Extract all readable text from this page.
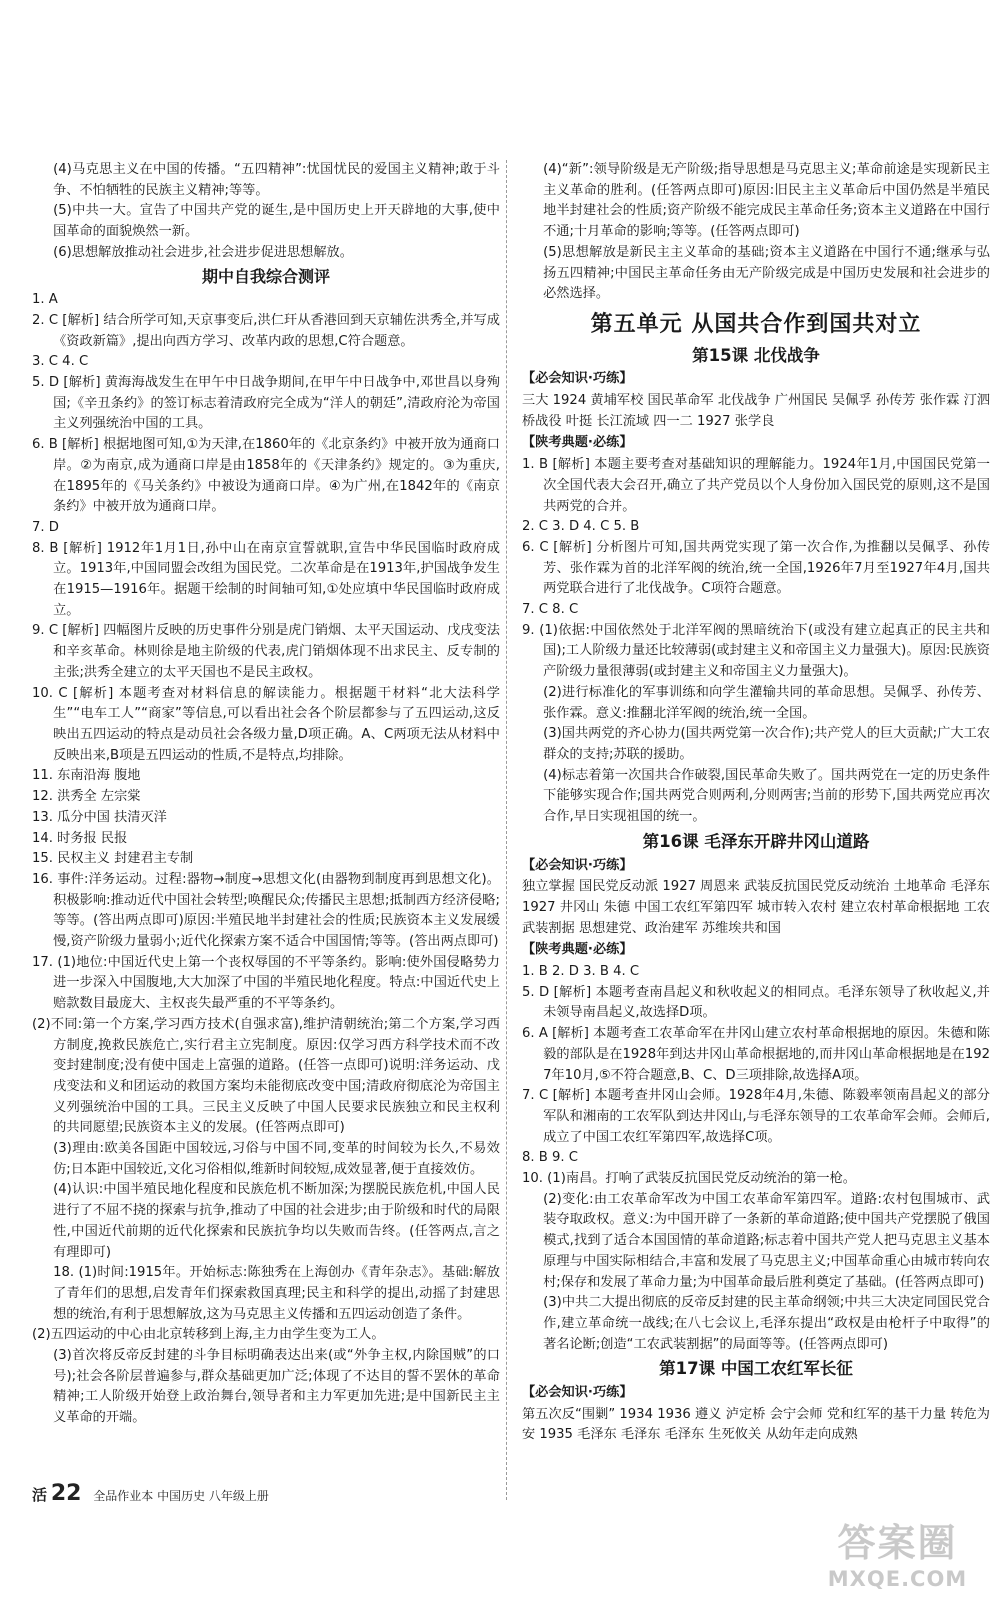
(4)马克思主义在中国的传播。“五四精神”:忧国忧民的爱国主义精神;敢于斗争、不怕牺牲的民族主义精神;等等。

(5)中共一大。宣告了中国共产党的诞生,是中国历史上开天辟地的大事,使中国革命的面貌焕然一新。

(6)思想解放推动社会进步,社会进步促进思想解放。

期中自我综合测评

1. A

2. C [解析] 结合所学可知,天京事变后,洪仁玕从香港回到天京辅佐洪秀全,并写成《资政新篇》,提出向西方学习、改革内政的思想,C符合题意。

3. C 4. C

5. D [解析] 黄海海战发生在甲午中日战争期间,在甲午中日战争中,邓世昌以身殉国;《辛丑条约》的签订标志着清政府完全成为“洋人的朝廷”,清政府沦为帝国主义列强统治中国的工具。

6. B [解析] 根据地图可知,①为天津,在1860年的《北京条约》中被开放为通商口岸。②为南京,成为通商口岸是由1858年的《天津条约》规定的。③为重庆,在1895年的《马关条约》中被设为通商口岸。④为广州,在1842年的《南京条约》中被开放为通商口岸。

7. D

8. B [解析] 1912年1月1日,孙中山在南京宣誓就职,宣告中华民国临时政府成立。1913年,中国同盟会改组为国民党。二次革命是在1913年,护国战争发生在1915—1916年。据题干绘制的时间轴可知,①处应填中华民国临时政府成立。

9. C [解析] 四幅图片反映的历史事件分别是虎门销烟、太平天国运动、戊戌变法和辛亥革命。林则徐是地主阶级的代表,虎门销烟体现不出求民主、反专制的主张;洪秀全建立的太平天国也不是民主政权。

10. C [解析] 本题考查对材料信息的解读能力。根据题干材料“北大法科学生”“电车工人”“商家”等信息,可以看出社会各个阶层都参与了五四运动,这反映出五四运动的特点是动员社会各级力量,D项正确。A、C两项无法从材料中反映出来,B项是五四运动的性质,不是特点,均排除。

11. 东南沿海 腹地

12. 洪秀全 左宗棠

13. 瓜分中国 扶清灭洋

14. 时务报 民报

15. 民权主义 封建君主专制

16. 事件:洋务运动。过程:器物→制度→思想文化(由器物到制度再到思想文化)。积极影响:推动近代中国社会转型;唤醒民众;传播民主思想;抵制西方经济侵略;等等。(答出两点即可)原因:半殖民地半封建社会的性质;民族资本主义发展缓慢,资产阶级力量弱小;近代化探索方案不适合中国国情;等等。(答出两点即可)

17. (1)地位:中国近代史上第一个丧权辱国的不平等条约。影响:使外国侵略势力进一步深入中国腹地,大大加深了中国的半殖民地化程度。特点:中国近代史上赔款数目最庞大、主权丧失最严重的不平等条约。

(2)不同:第一个方案,学习西方技术(自强求富),维护清朝统治;第二个方案,学习西方制度,挽救民族危亡,实行君主立宪制度。原因:仅学习西方科学技术而不改变封建制度;没有使中国走上富强的道路。(任答一点即可)说明:洋务运动、戊戌变法和义和团运动的救国方案均未能彻底改变中国;清政府彻底沦为帝国主义列强统治中国的工具。三民主义反映了中国人民要求民族独立和民主权利的共同愿望;民族资本主义的发展。(任答两点即可)

(3)理由:欧美各国距中国较远,习俗与中国不同,变革的时间较为长久,不易效仿;日本距中国较近,文化习俗相似,维新时间较短,成效显著,便于直接效仿。

(4)认识:中国半殖民地化程度和民族危机不断加深;为摆脱民族危机,中国人民进行了不屈不挠的探索与抗争,推动了中国的社会进步;由于阶级和时代的局限性,中国近代前期的近代化探索和民族抗争均以失败而告终。(任答两点,言之有理即可)

18. (1)时间:1915年。开始标志:陈独秀在上海创办《青年杂志》。基础:解放了青年们的思想,启发青年们探索救国真理;民主和科学的提出,动摇了封建思想的统治,有利于思想解放,这为马克思主义传播和五四运动创造了条件。

(2)五四运动的中心由北京转移到上海,主力由学生变为工人。

(3)首次将反帝反封建的斗争目标明确表达出来(或“外争主权,内除国贼”的口号);社会各阶层普遍参与,群众基础更加广泛;体现了不达目的誓不罢休的革命精神;工人阶级开始登上政治舞台,领导者和主力军更加先进;是中国新民主主义革命的开端。

(4)“新”:领导阶级是无产阶级;指导思想是马克思主义;革命前途是实现新民主主义革命的胜利。(任答两点即可)原因:旧民主主义革命后中国仍然是半殖民地半封建社会的性质;资产阶级不能完成民主革命任务;资本主义道路在中国行不通;十月革命的影响;等等。(任答两点即可)

(5)思想解放是新民主主义革命的基础;资本主义道路在中国行不通;继承与弘扬五四精神;中国民主革命任务由无产阶级完成是中国历史发展和社会进步的必然选择。

第五单元 从国共合作到国共对立
第15课 北伐战争
【必会知识·巧练】

三大 1924 黄埔军校 国民革命军 北伐战争 广州国民 吴佩孚 孙传芳 张作霖 汀泗桥战役 叶挺 长江流域 四一二 1927 张学良

【陕考典题·必练】

1. B [解析] 本题主要考查对基础知识的理解能力。1924年1月,中国国民党第一次全国代表大会召开,确立了共产党员以个人身份加入国民党的原则,这不是国共两党的合并。

2. C 3. D 4. C 5. B

6. C [解析] 分析图片可知,国共两党实现了第一次合作,为推翻以吴佩孚、孙传芳、张作霖为首的北洋军阀的统治,统一全国,1926年7月至1927年4月,国共两党联合进行了北伐战争。C项符合题意。

7. C 8. C

9. (1)依据:中国依然处于北洋军阀的黑暗统治下(或没有建立起真正的民主共和国);工人阶级力量还比较薄弱(或封建主义和帝国主义力量强大)。原因:民族资产阶级力量很薄弱(或封建主义和帝国主义力量强大)。

(2)进行标准化的军事训练和向学生灌输共同的革命思想。吴佩孚、孙传芳、张作霖。意义:推翻北洋军阀的统治,统一全国。

(3)国共两党的齐心协力(国共两党第一次合作);共产党人的巨大贡献;广大工农群众的支持;苏联的援助。

(4)标志着第一次国共合作破裂,国民革命失败了。国共两党在一定的历史条件下能够实现合作;国共两党合则两利,分则两害;当前的形势下,国共两党应再次合作,早日实现祖国的统一。

第16课 毛泽东开辟井冈山道路
【必会知识·巧练】

独立掌握 国民党反动派 1927 周恩来 武装反抗国民党反动统治 土地革命 毛泽东 1927 井冈山 朱德 中国工农红军第四军 城市转入农村 建立农村革命根据地 工农武装割据 思想建党、政治建军 苏维埃共和国

【陕考典题·必练】

1. B 2. D 3. B 4. C

5. D [解析] 本题考查南昌起义和秋收起义的相同点。毛泽东领导了秋收起义,并未领导南昌起义,故选择D项。

6. A [解析] 本题考查工农革命军在井冈山建立农村革命根据地的原因。朱德和陈毅的部队是在1928年到达井冈山革命根据地的,而井冈山革命根据地是在1927年10月,⑤不符合题意,B、C、D三项排除,故选择A项。

7. C [解析] 本题考查井冈山会师。1928年4月,朱德、陈毅率领南昌起义的部分军队和湘南的工农军队到达井冈山,与毛泽东领导的工农革命军会师。会师后,成立了中国工农红军第四军,故选择C项。

8. B 9. C

10. (1)南昌。打响了武装反抗国民党反动统治的第一枪。

(2)变化:由工农革命军改为中国工农革命军第四军。道路:农村包围城市、武装夺取政权。意义:为中国开辟了一条新的革命道路;使中国共产党摆脱了俄国模式,找到了适合本国国情的革命道路;标志着中国共产党人把马克思主义基本原理与中国实际相结合,丰富和发展了马克思主义;中国革命重心由城市转向农村;保存和发展了革命力量;为中国革命最后胜利奠定了基础。(任答两点即可)

(3)中共二大提出彻底的反帝反封建的民主革命纲领;中共三大决定同国民党合作,建立革命统一战线;在八七会议上,毛泽东提出“政权是由枪杆子中取得”的著名论断;创造“工农武装割据”的局面等等。(任答两点即可)

第17课 中国工农红军长征
【必会知识·巧练】

第五次反“围剿” 1934 1936 遵义 泸定桥 会宁会师 党和红军的基干力量 转危为安 1935 毛泽东 毛泽东 毛泽东 生死攸关 从幼年走向成熟

活 22 全品作业本 中国历史 八年级上册
答案圈
MXQE.COM
